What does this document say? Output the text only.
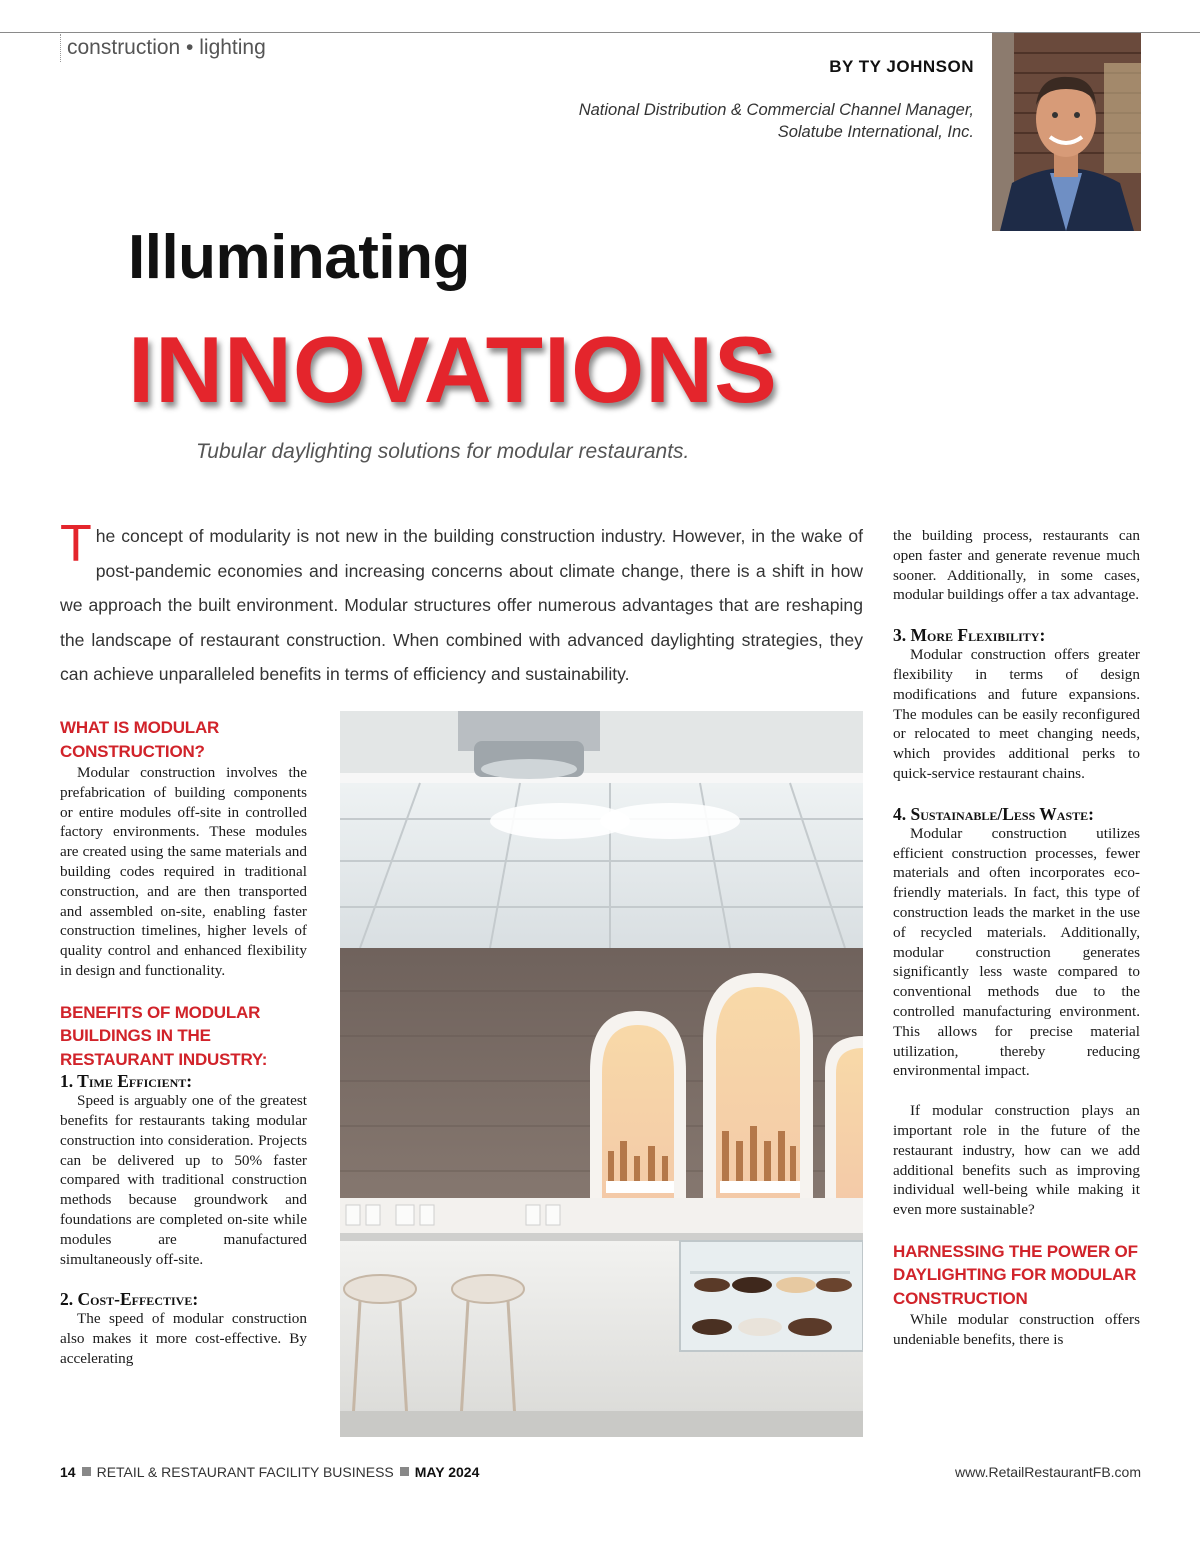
construction • lighting
BY TY JOHNSON
National Distribution & Commercial Channel Manager,
Solatube International, Inc.
Illuminating
INNOVATIONS
Tubular daylighting solutions for modular restaurants.
The concept of modularity is not new in the building construction industry. However, in the wake of post-pandemic economies and increasing concerns about climate change, there is a shift in how we approach the built environment. Modular structures offer numerous advantages that are reshaping the landscape of restaurant construction. When combined with advanced daylighting strategies, they can achieve unparalleled benefits in terms of efficiency and sustainability.
WHAT IS MODULAR CONSTRUCTION?

Modular construction involves the prefabrication of building components or entire modules off-site in controlled factory environments. These modules are created using the same materials and building codes required in traditional construction, and are then transported and assembled on-site, enabling faster construction timelines, higher levels of quality control and enhanced flexibility in design and functionality.

BENEFITS OF MODULAR BUILDINGS IN THE RESTAURANT INDUSTRY:
1. Time Efficient:

Speed is arguably one of the greatest benefits for restaurants taking modular construction into consideration. Projects can be delivered up to 50% faster compared with traditional construction methods because groundwork and foundations are completed on-site while modules are manufactured simultaneously off-site.

2. Cost-Effective:

The speed of modular construction also makes it more cost-effective. By accelerating

the building process, restaurants can open faster and generate revenue much sooner. Additionally, in some cases, modular buildings offer a tax advantage.

3. More Flexibility:

Modular construction offers greater flexibility in terms of design modifications and future expansions. The modules can be easily reconfigured or relocated to meet changing needs, which provides additional perks to quick-service restaurant chains.

4. Sustainable/Less Waste:

Modular construction utilizes efficient construction processes, fewer materials and often incorporates eco-friendly materials. In fact, this type of construction leads the market in the use of recycled materials. Additionally, modular construction generates significantly less waste compared to conventional methods due to the controlled manufacturing environment. This allows for precise material utilization, thereby reducing environmental impact.

If modular construction plays an important role in the future of the restaurant industry, how can we add additional benefits such as improving individual well-being while making it even more sustainable?

HARNESSING THE POWER OF DAYLIGHTING FOR MODULAR CONSTRUCTION

While modular construction offers undeniable benefits, there is

14 RETAIL & RESTAURANT FACILITY BUSINESS MAY 2024	www.RetailRestaurantFB.com
